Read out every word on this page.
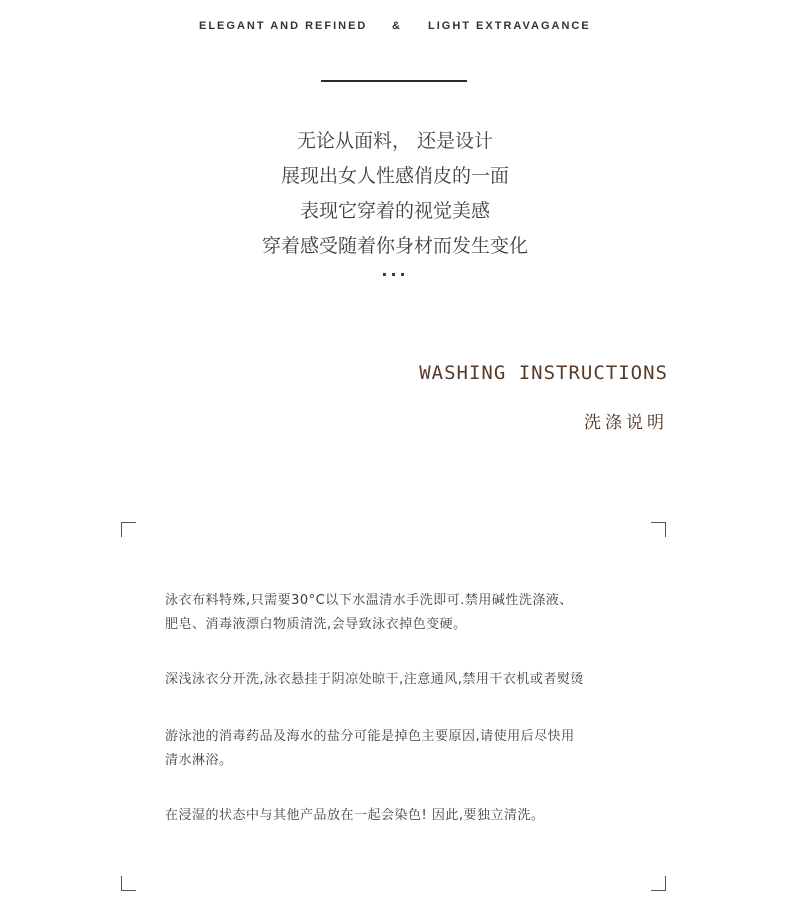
ELEGANT AND REFINED & LIGHT EXTRAVAGANCE
无论从面料， 还是设计
展现出女人性感俏皮的一面
表现它穿着的视觉美感
穿着感受随着你身材而发生变化
···
WASHING INSTRUCTIONS
洗涤说明
泳衣布料特殊,只需要30°C以下水温清水手洗即可.禁用碱性洗涤液、
肥皂、消毒液漂白物质清洗,会导致泳衣掉色变硬。
深浅泳衣分开洗,泳衣悬挂于阴凉处晾干,注意通风,禁用干衣机或者熨烫
游泳池的消毒药品及海水的盐分可能是掉色主要原因,请使用后尽快用
清水淋浴。
在浸湿的状态中与其他产品放在一起会染色! 因此,要独立清洗。
